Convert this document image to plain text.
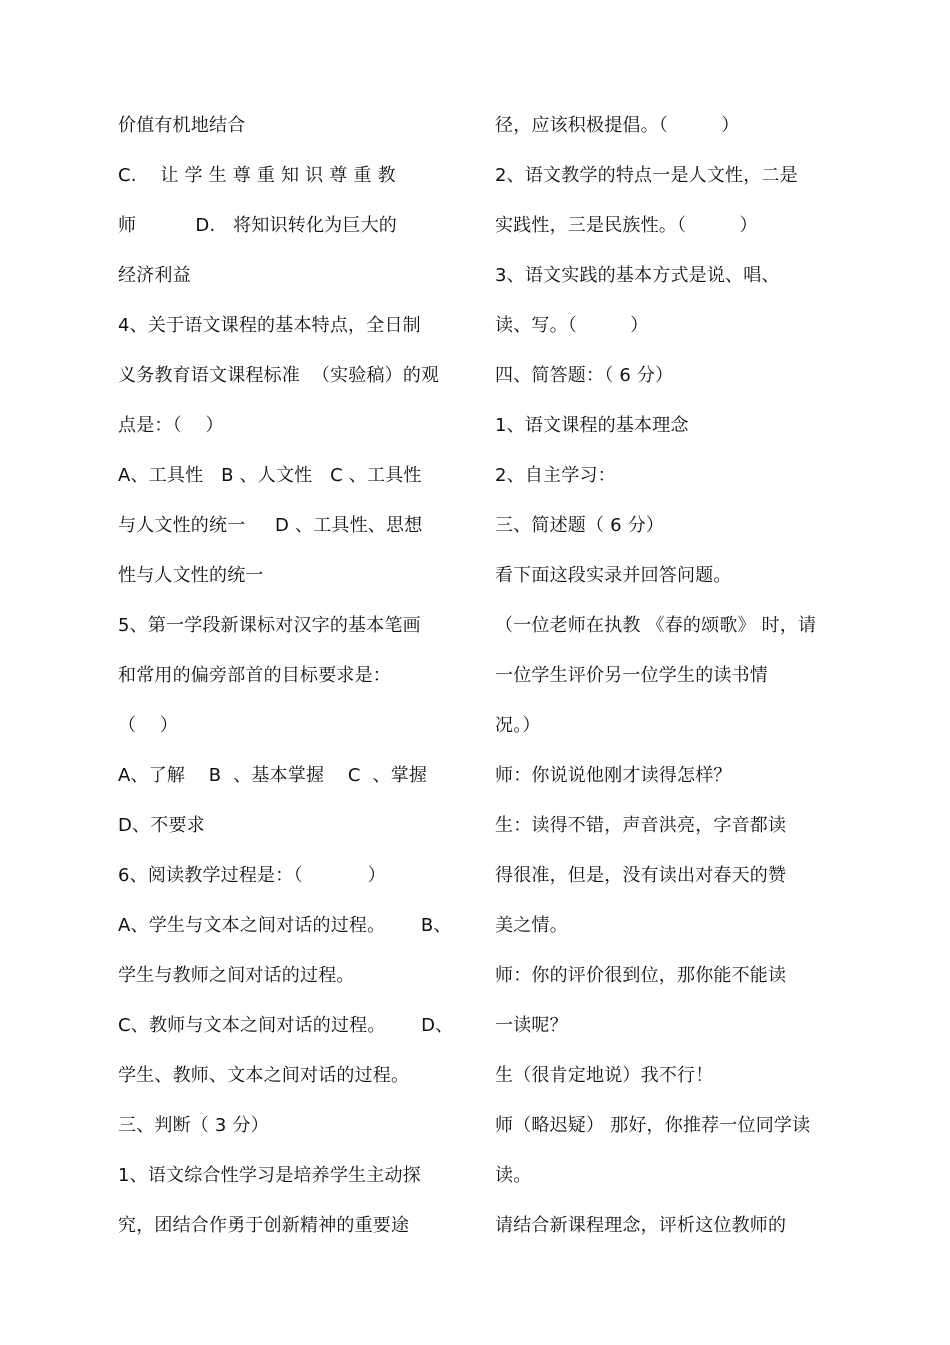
价值有机地结合
C.    让 学 生 尊 重 知 识 尊 重 教
师          D.   将知识转化为巨大的
经济利益
4、关于语文课程的基本特点，全日制
义务教育语文课程标准  （实验稿）的观
点是：（    ）
A、工具性   B 、人文性   C 、工具性
与人文性的统一     D 、工具性、思想
性与人文性的统一
5、第一学段新课标对汉字的基本笔画
和常用的偏旁部首的目标要求是：
（    ）
A、了解    B  、基本掌握    C  、掌握
D、不要求
6、阅读教学过程是：（           ）
A、学生与文本之间对话的过程。      B、
学生与教师之间对话的过程。
C、教师与文本之间对话的过程。      D、
学生、教师、文本之间对话的过程。
三、判断（ 3 分）
1、语文综合性学习是培养学生主动探
究，团结合作勇于创新精神的重要途
径，应该积极提倡。（         ）
2、语文教学的特点一是人文性，二是
实践性，三是民族性。（         ）
3、语文实践的基本方式是说、唱、
读、写。（         ）
四、简答题：（ 6 分）
1、语文课程的基本理念
2、自主学习：
三、简述题（ 6 分）
看下面这段实录并回答问题。
（一位老师在执教 《春的颂歌》 时，请
一位学生评价另一位学生的读书情
况。）
师：你说说他刚才读得怎样？
生：读得不错，声音洪亮，字音都读
得很准，但是，没有读出对春天的赞
美之情。
师：你的评价很到位，那你能不能读
一读呢？
生（很肯定地说）我不行！
师（略迟疑） 那好，你推荐一位同学读
读。
请结合新课程理念，评析这位教师的
